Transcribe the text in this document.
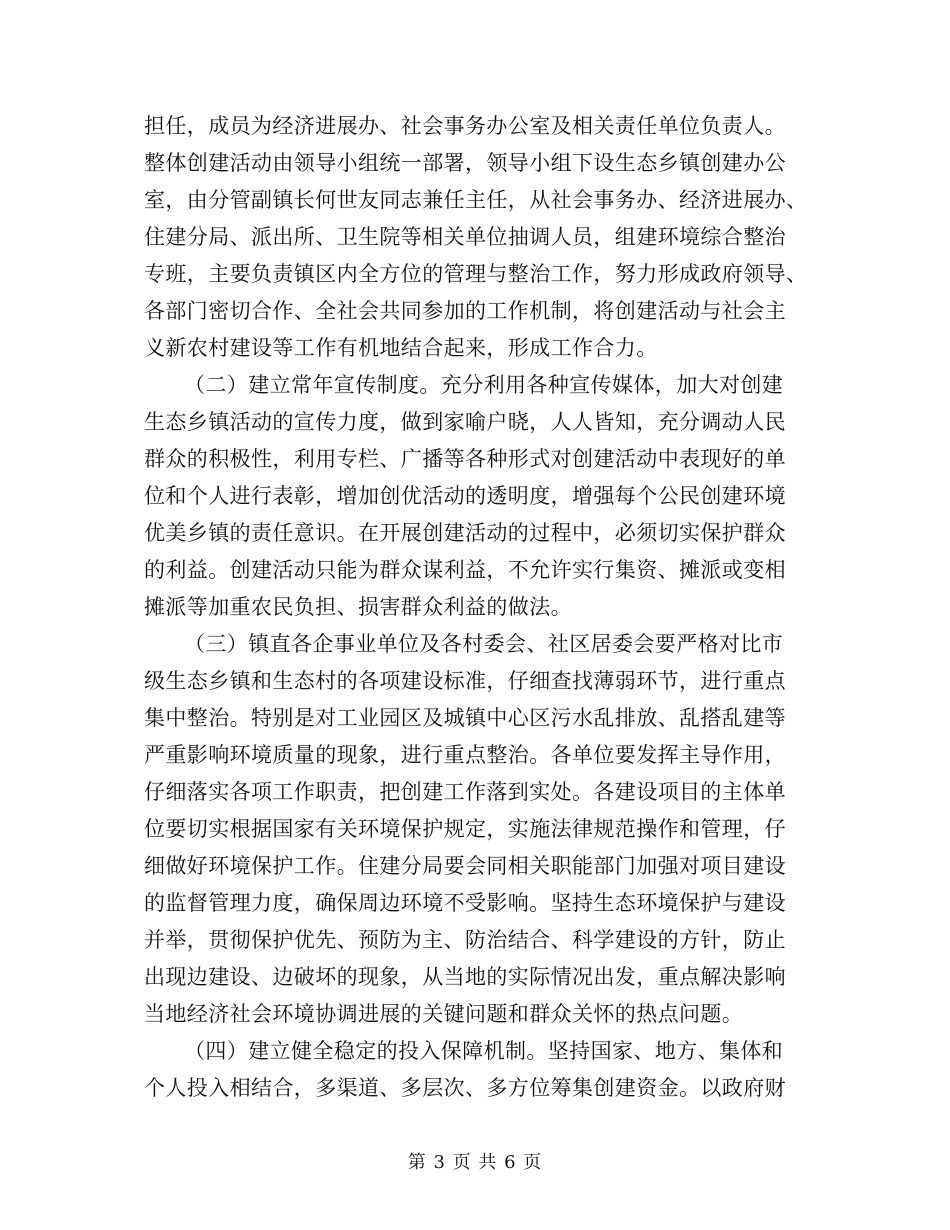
担任，成员为经济进展办、社会事务办公室及相关责任单位负责人。
整体创建活动由领导小组统一部署，领导小组下设生态乡镇创建办公
室，由分管副镇长何世友同志兼任主任，从社会事务办、经济进展办、
住建分局、派出所、卫生院等相关单位抽调人员，组建环境综合整治
专班，主要负责镇区内全方位的管理与整治工作，努力形成政府领导、
各部门密切合作、全社会共同参加的工作机制，将创建活动与社会主
义新农村建设等工作有机地结合起来，形成工作合力。
（二）建立常年宣传制度。充分利用各种宣传媒体，加大对创建
生态乡镇活动的宣传力度，做到家喻户晓，人人皆知，充分调动人民
群众的积极性，利用专栏、广播等各种形式对创建活动中表现好的单
位和个人进行表彰，增加创优活动的透明度，增强每个公民创建环境
优美乡镇的责任意识。在开展创建活动的过程中，必须切实保护群众
的利益。创建活动只能为群众谋利益，不允许实行集资、摊派或变相
摊派等加重农民负担、损害群众利益的做法。
（三）镇直各企事业单位及各村委会、社区居委会要严格对比市
级生态乡镇和生态村的各项建设标准，仔细查找薄弱环节，进行重点
集中整治。特别是对工业园区及城镇中心区污水乱排放、乱搭乱建等
严重影响环境质量的现象，进行重点整治。各单位要发挥主导作用，
仔细落实各项工作职责，把创建工作落到实处。各建设项目的主体单
位要切实根据国家有关环境保护规定，实施法律规范操作和管理，仔
细做好环境保护工作。住建分局要会同相关职能部门加强对项目建设
的监督管理力度，确保周边环境不受影响。坚持生态环境保护与建设
并举，贯彻保护优先、预防为主、防治结合、科学建设的方针，防止
出现边建设、边破坏的现象，从当地的实际情况出发，重点解决影响
当地经济社会环境协调进展的关键问题和群众关怀的热点问题。
（四）建立健全稳定的投入保障机制。坚持国家、地方、集体和
个人投入相结合，多渠道、多层次、多方位筹集创建资金。以政府财
第 3 页 共 6 页
